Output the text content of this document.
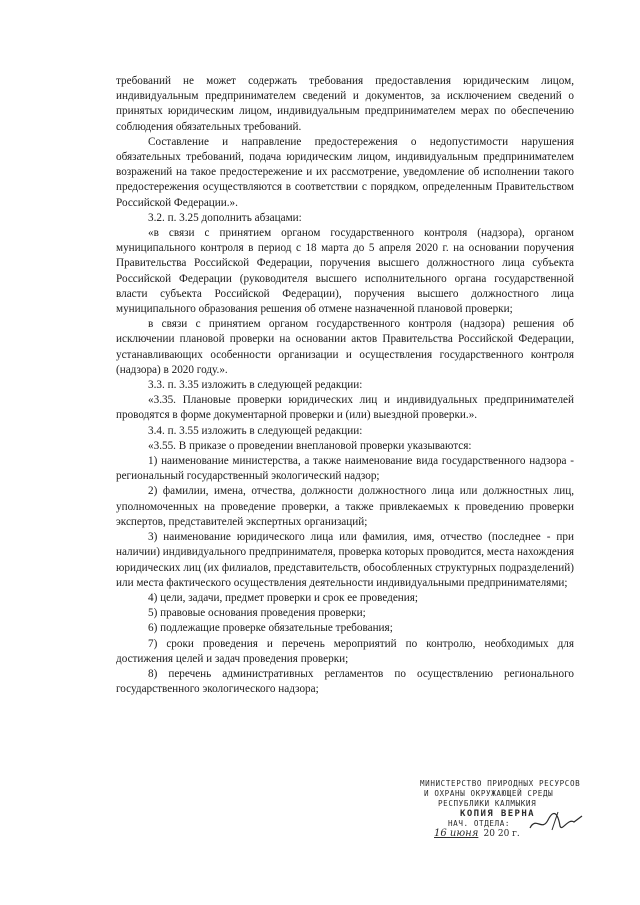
требований не может содержать требования предоставления юридическим лицом, индивидуальным предпринимателем сведений и документов, за исключением сведений о принятых юридическим лицом, индивидуальным предпринимателем мерах по обеспечению соблюдения обязательных требований.

Составление и направление предостережения о недопустимости нарушения обязательных требований, подача юридическим лицом, индивидуальным предпринимателем возражений на такое предостережение и их рассмотрение, уведомление об исполнении такого предостережения осуществляются в соответствии с порядком, определенным Правительством Российской Федерации.».

3.2. п. 3.25 дополнить абзацами:

«в связи с принятием органом государственного контроля (надзора), органом муниципального контроля в период с 18 марта до 5 апреля 2020 г. на основании поручения Правительства Российской Федерации, поручения высшего должностного лица субъекта Российской Федерации (руководителя высшего исполнительного органа государственной власти субъекта Российской Федерации), поручения высшего должностного лица муниципального образования решения об отмене назначенной плановой проверки;

в связи с принятием органом государственного контроля (надзора) решения об исключении плановой проверки на основании актов Правительства Российской Федерации, устанавливающих особенности организации и осуществления государственного контроля (надзора) в 2020 году.».

3.3. п. 3.35 изложить в следующей редакции:

«3.35. Плановые проверки юридических лиц и индивидуальных предпринимателей проводятся в форме документарной проверки и (или) выездной проверки.».

3.4. п. 3.55 изложить в следующей редакции:

«3.55. В приказе о проведении внеплановой проверки указываются:

1) наименование министерства, а также наименование вида государственного надзора - региональный государственный экологический надзор;

2) фамилии, имена, отчества, должности должностного лица или должностных лиц, уполномоченных на проведение проверки, а также привлекаемых к проведению проверки экспертов, представителей экспертных организаций;

3) наименование юридического лица или фамилия, имя, отчество (последнее - при наличии) индивидуального предпринимателя, проверка которых проводится, места нахождения юридических лиц (их филиалов, представительств, обособленных структурных подразделений) или места фактического осуществления деятельности индивидуальными предпринимателями;

4) цели, задачи, предмет проверки и срок ее проведения;

5) правовые основания проведения проверки;

6) подлежащие проверке обязательные требования;

7) сроки проведения и перечень мероприятий по контролю, необходимых для достижения целей и задач проведения проверки;

8) перечень административных регламентов по осуществлению регионального государственного экологического надзора;

МИНИСТЕРСТВО ПРИРОДНЫХ РЕСУРСОВ
И ОХРАНЫ ОКРУЖАЮЩЕЙ СРЕДЫ
РЕСПУБЛИКИ КАЛМЫКИЯ
КОПИЯ ВЕРНА
НАЧ. ОТДЕЛА:
16 июня 20 20 г.
